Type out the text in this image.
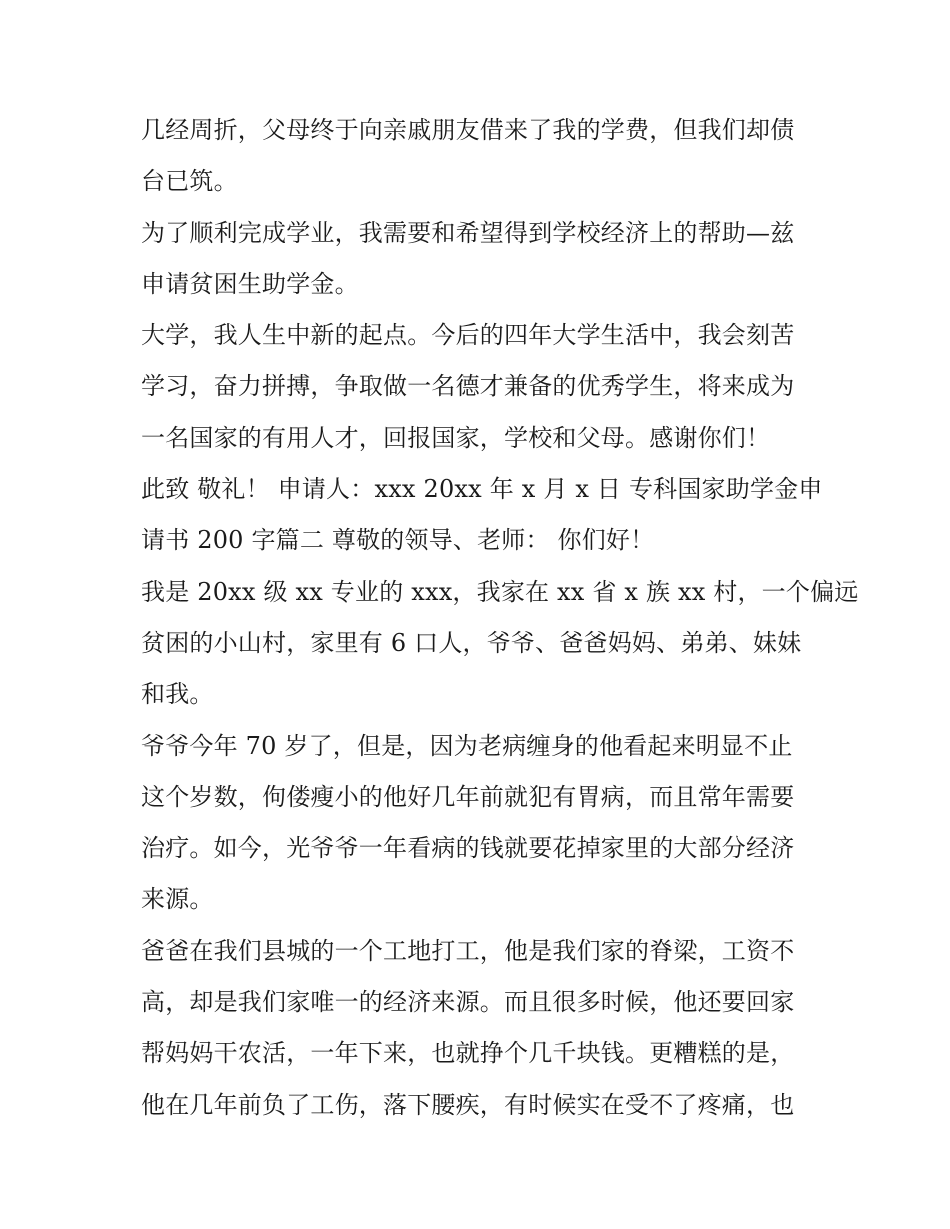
几经周折，父母终于向亲戚朋友借来了我的学费，但我们却债
台已筑。
为了顺利完成学业，我需要和希望得到学校经济上的帮助—兹
申请贫困生助学金。
大学，我人生中新的起点。今后的四年大学生活中，我会刻苦
学习，奋力拼搏，争取做一名德才兼备的优秀学生，将来成为
一名国家的有用人才，回报国家，学校和父母。感谢你们！
此致 敬礼！ 申请人：xxx 20xx 年 x 月 x 日 专科国家助学金申
请书 200 字篇二 尊敬的领导、老师： 你们好！
我是 20xx 级 xx 专业的 xxx，我家在 xx 省 x 族 xx 村，一个偏远
贫困的小山村，家里有 6 口人，爷爷、爸爸妈妈、弟弟、妹妹
和我。
爷爷今年 70 岁了，但是，因为老病缠身的他看起来明显不止
这个岁数，佝偻瘦小的他好几年前就犯有胃病，而且常年需要
治疗。如今，光爷爷一年看病的钱就要花掉家里的大部分经济
来源。
爸爸在我们县城的一个工地打工，他是我们家的脊梁，工资不
高，却是我们家唯一的经济来源。而且很多时候，他还要回家
帮妈妈干农活，一年下来，也就挣个几千块钱。更糟糕的是，
他在几年前负了工伤，落下腰疾，有时候实在受不了疼痛，也
